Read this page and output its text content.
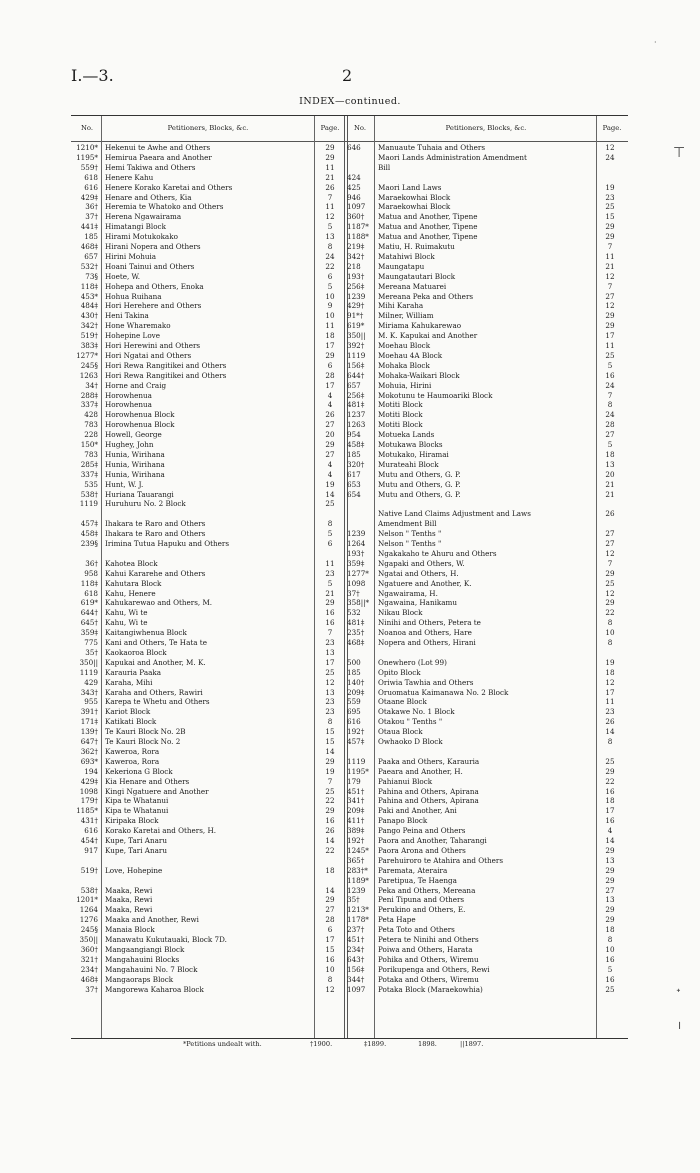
I.—3.	2
INDEX—continued.
No.	Petitioners, Blocks, &c.	Page.	No.	Petitioners, Blocks, &c.	Page.
1210* Hekenui te Awhe and Others	29
1195* Hemirua Paeara and Another	29
559† Hemi Takiwa and Others	11
618 Henere Kahu	21
616 Henere Korako Karetai and Others	26
429‡ Henare and Others, Kia	7
36† Heremia te Whatoko and Others	11
37† Herena Ngawairama	12
441‡ Himatangi Block	5
185 Hirami Motukokako	13
468‡ Hirani Nopera and Others	8
657 Hirini Mohuia	24
532† Hoani Tainui and Others	22
73§ Hoete, W.	6
118‡ Hohepa and Others, Enoka	5
453* Hohua Ruihana	10
484‡ Hori Herehere and Others	9
430† Heni Takina	10
342† Hone Wharemako	11
519† Hohepine Love	18
383‡ Hori Herewini and Others	17
1277* Hori Ngatai and Others	29
245§ Hori Rewa Rangitikei and Others	6
1263 Hori Rewa Rangitikei and Others	28
34† Horne and Craig	17
288‡ Horowhenua	4
337‡ Horowhenua	4
428 Horowhenua Block	26
783 Horowhenua Block	27
228 Howell, George	20
150* Hughey, John	29
783 Hunia, Wirihana	27
285‡ Hunia, Wirihana	4
337‡ Hunia, Wirihana	4
535 Hunt, W. J.	19
538† Huriana Tauarangi	14
1119 Huruhuru No. 2 Block	25
457‡ Ihakara te Raro and Others	8
458‡ Ihakara te Raro and Others	5
239§ Irimina Tutua Hapuku and Others	6
36† Kahotea Block	11
958 Kahui Kararehe and Others	23
118‡ Kahutara Block	5
618 Kahu, Henere	21
619* Kahukarewao and Others, M.	29
644† Kahu, Wi te	16
645† Kahu, Wi te	16
359‡ Kaitangiwhenua Block	7
775 Kani and Others, Te Hata te	23
35† Kaokaoroa Block	13
350|| Kapukai and Another, M. K.	17
1119 Karauria Paaka	25
429 Karaha, Mihi	12
343† Karaha and Others, Rawiri	13
955 Karepa te Whetu and Others	23
391† Kariot Block	23
171‡ Katikati Block	8
139† Te Kauri Block No. 2B	15
647† Te Kauri Block No. 2	15
362† Kaweroa, Rora	14
693* Kaweroa, Rora	29
194 Kekeriona G Block	19
429‡ Kia Henare and Others	7
1098 Kingi Ngatuere and Another	25
179† Kipa te Whatanui	22
1185* Kipa te Whatanui	29
431† Kiripaka Block	16
616 Korako Karetai and Others, H.	26
454† Kupe, Tari Anaru	14
917 Kupe, Tari Anaru	22
519† Love, Hohepine	18
538† Maaka, Rewi	14
1201* Maaka, Rewi	29
1264 Maaka, Rewi	27
1276 Maaka and Another, Rewi	28
245§ Manaia Block	6
350|| Manawatu Kukutauaki, Block 7D.	17
360† Mangaangiangi Block	15
321† Mangahauini Blocks	16
234† Mangahauini No. 7 Block	10
468‡ Mangaoraps Block	8
37† Mangorewa Kaharoa Block	12
646	Manuaute Tuhaia and Others	12
Maori Lands Administration Amendment	24
Bill
424
425	Maori Land Laws	19
946	Maraekowhai Block	23
1097	Maraekowhai Block	25
360†	Matua and Another, Tipene	15
1187*	Matua and Another, Tipene	29
1188*	Matua and Another, Tipene	29
219‡	Matiu, H. Ruimakutu	7
342†	Matahiwi Block	11
218	Maungatapu	21
193†	Maungatautari Block	12
256‡	Mereana Matuarei	7
1239	Mereana Peka and Others	27
429†	Mihi Karaha	12
91*†	Milner, William	29
619*	Miriama Kahukarewao	29
350||	M. K. Kapukai and Another	17
392†	Moehau Block	11
1119	Moehau 4A Block	25
156‡	Mohaka Block	5
644†	Mohaka-Waikari Block	16
657	Mohuia, Hirini	24
256‡	Mokotunu te Haumoariki Block	7
481‡	Motiti Block	8
1237	Motiti Block	24
1263	Motiti Block	28
954	Motueka Lands	27
458‡	Motukawa Blocks	5
185	Motukako, Hiramai	18
320†	Murateahi Block	13
617	Mutu and Others, G. P.	20
653	Mutu and Others, G. P.	21
654	Mutu and Others, G. P.	21
Native Land Claims Adjustment and Laws	26
Amendment Bill
1239	Nelson " Tenths "	27
1264	Nelson " Tenths "	27
193†	Ngakakaho te Ahuru and Others	12
359‡	Ngapaki and Others, W.	7
1277*	Ngatai and Others, H.	29
1098	Ngatuere and Another, K.	25
37†	Ngawairama, H.	12
358||*	Ngawaina, Hanikamu	29
532	Nikau Block	22
481‡	Ninihi and Others, Petera te	8
235†	Noanoa and Others, Hare	10
468‡	Nopera and Others, Hirani	8
500	Onewhero (Lot 99)	19
185	Opito Block	18
140†	Oriwia Tawhia and Others	12
209‡	Oruomatua Kaimanawa No. 2 Block	17
559	Otaane Block	11
695	Otakawe No. 1 Block	23
616	Otakou " Tenths "	26
192†	Otaua Block	14
457‡	Owhaoko D Block	8
1119	Paaka and Others, Karauria	25
1195*	Paeara and Another, H.	29
179	Pahianui Block	22
451†	Pahina and Others, Apirana	16
341†	Pahina and Others, Apirana	18
209‡	Paki and Another, Ani	17
411†	Panapo Block	16
389‡	Pango Peina and Others	4
192†	Paora and Another, Taharangi	14
1245*	Paora Arona and Others	29
365†	Parehuiroro te Atahira and Others	13
283†*	Paremata, Ateraira	29
1189*	Paretipua, Te Haenga	29
1239	Peka and Others, Mereana	27
35†	Peni Tipuna and Others	13
1213*	Perukino and Others, E.	29
1178*	Peta Hape	29
237†	Peta Toto and Others	18
451†	Petera te Ninihi and Others	8
234†	Poiwa and Others, Harata	10
643†	Pohika and Others, Wiremu	16
156‡	Porikupenga and Others, Rewi	5
344†	Potaka and Others, Wiremu	16
1097	Potaka Block (Maraekowhia)	25
*Petitions undealt with.	†1900.	‡1899.	1898.	||1897.
·
⊤
ᐩ
╵
